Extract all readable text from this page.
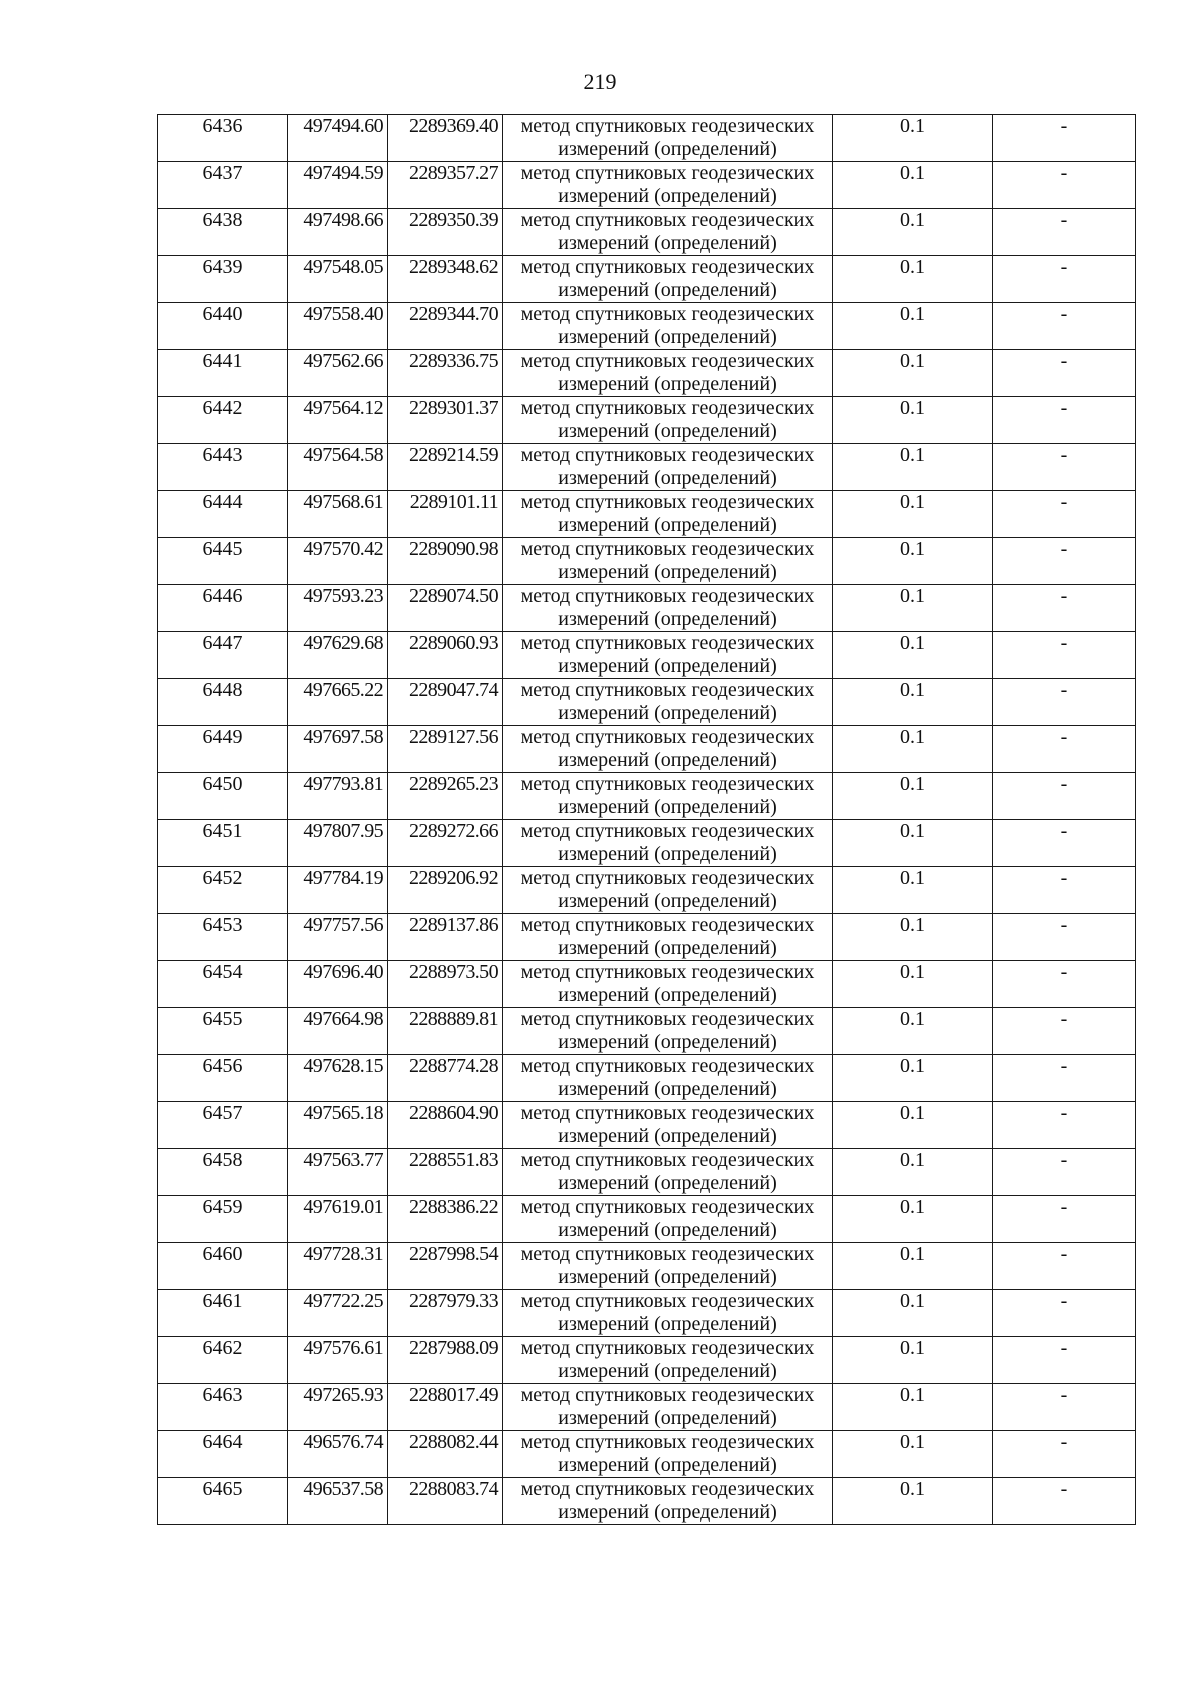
219
6436	497494.60	2289369.40	метод спутниковых геодезических
измерений (определений)	0.1	-
6437	497494.59	2289357.27	метод спутниковых геодезических
измерений (определений)	0.1	-
6438	497498.66	2289350.39	метод спутниковых геодезических
измерений (определений)	0.1	-
6439	497548.05	2289348.62	метод спутниковых геодезических
измерений (определений)	0.1	-
6440	497558.40	2289344.70	метод спутниковых геодезических
измерений (определений)	0.1	-
6441	497562.66	2289336.75	метод спутниковых геодезических
измерений (определений)	0.1	-
6442	497564.12	2289301.37	метод спутниковых геодезических
измерений (определений)	0.1	-
6443	497564.58	2289214.59	метод спутниковых геодезических
измерений (определений)	0.1	-
6444	497568.61	2289101.11	метод спутниковых геодезических
измерений (определений)	0.1	-
6445	497570.42	2289090.98	метод спутниковых геодезических
измерений (определений)	0.1	-
6446	497593.23	2289074.50	метод спутниковых геодезических
измерений (определений)	0.1	-
6447	497629.68	2289060.93	метод спутниковых геодезических
измерений (определений)	0.1	-
6448	497665.22	2289047.74	метод спутниковых геодезических
измерений (определений)	0.1	-
6449	497697.58	2289127.56	метод спутниковых геодезических
измерений (определений)	0.1	-
6450	497793.81	2289265.23	метод спутниковых геодезических
измерений (определений)	0.1	-
6451	497807.95	2289272.66	метод спутниковых геодезических
измерений (определений)	0.1	-
6452	497784.19	2289206.92	метод спутниковых геодезических
измерений (определений)	0.1	-
6453	497757.56	2289137.86	метод спутниковых геодезических
измерений (определений)	0.1	-
6454	497696.40	2288973.50	метод спутниковых геодезических
измерений (определений)	0.1	-
6455	497664.98	2288889.81	метод спутниковых геодезических
измерений (определений)	0.1	-
6456	497628.15	2288774.28	метод спутниковых геодезических
измерений (определений)	0.1	-
6457	497565.18	2288604.90	метод спутниковых геодезических
измерений (определений)	0.1	-
6458	497563.77	2288551.83	метод спутниковых геодезических
измерений (определений)	0.1	-
6459	497619.01	2288386.22	метод спутниковых геодезических
измерений (определений)	0.1	-
6460	497728.31	2287998.54	метод спутниковых геодезических
измерений (определений)	0.1	-
6461	497722.25	2287979.33	метод спутниковых геодезических
измерений (определений)	0.1	-
6462	497576.61	2287988.09	метод спутниковых геодезических
измерений (определений)	0.1	-
6463	497265.93	2288017.49	метод спутниковых геодезических
измерений (определений)	0.1	-
6464	496576.74	2288082.44	метод спутниковых геодезических
измерений (определений)	0.1	-
6465	496537.58	2288083.74	метод спутниковых геодезических
измерений (определений)	0.1	-
